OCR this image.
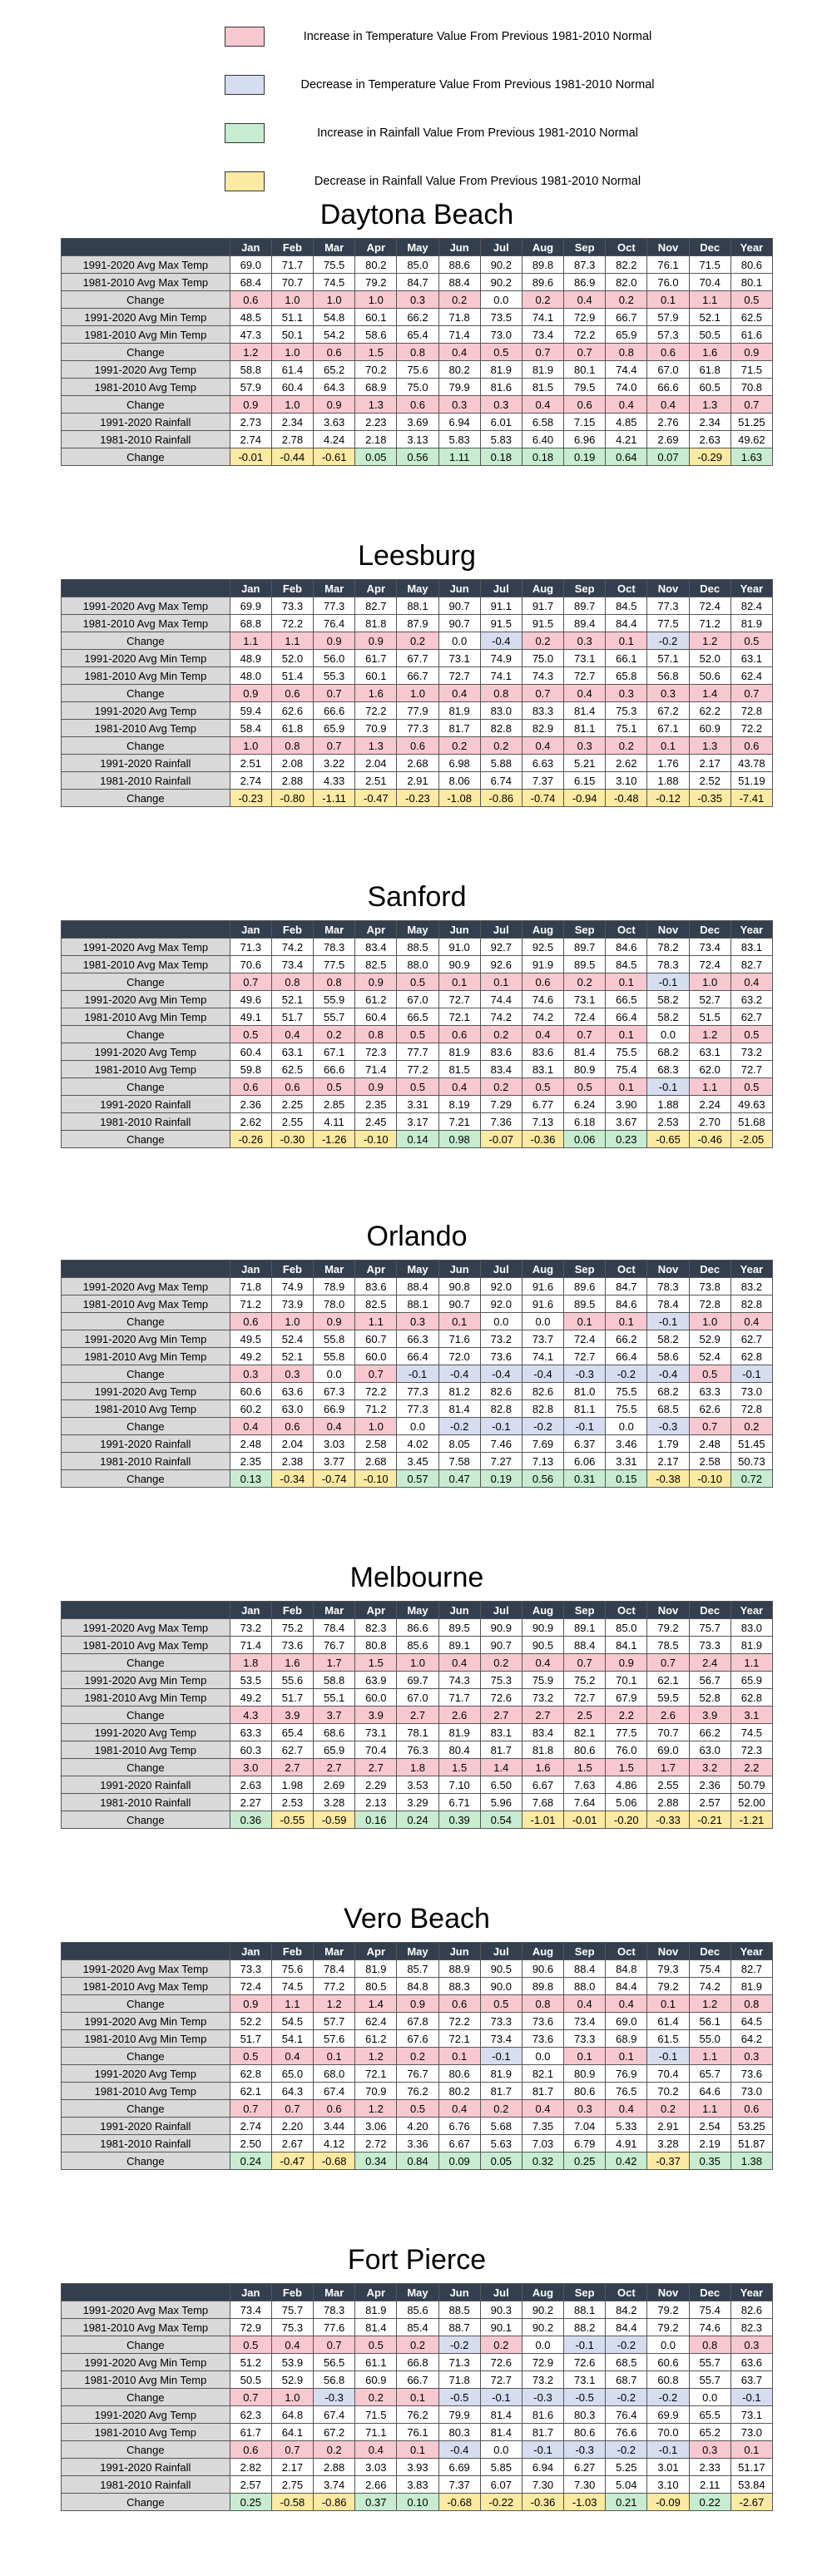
Increase in Temperature Value From Previous 1981-2010 Normal
Decrease in Temperature Value From Previous 1981-2010 Normal
Increase in Rainfall Value From Previous 1981-2010 Normal
Decrease in Rainfall Value From Previous 1981-2010 Normal
Daytona Beach
	Jan	Feb	Mar	Apr	May	Jun	Jul	Aug	Sep	Oct	Nov	Dec	Year
1991-2020 Avg Max Temp	69.0	71.7	75.5	80.2	85.0	88.6	90.2	89.8	87.3	82.2	76.1	71.5	80.6
1981-2010 Avg Max Temp	68.4	70.7	74.5	79.2	84.7	88.4	90.2	89.6	86.9	82.0	76.0	70.4	80.1
Change	0.6	1.0	1.0	1.0	0.3	0.2	0.0	0.2	0.4	0.2	0.1	1.1	0.5
1991-2020 Avg Min Temp	48.5	51.1	54.8	60.1	66.2	71.8	73.5	74.1	72.9	66.7	57.9	52.1	62.5
1981-2010 Avg Min Temp	47.3	50.1	54.2	58.6	65.4	71.4	73.0	73.4	72.2	65.9	57.3	50.5	61.6
Change	1.2	1.0	0.6	1.5	0.8	0.4	0.5	0.7	0.7	0.8	0.6	1.6	0.9
1991-2020 Avg Temp	58.8	61.4	65.2	70.2	75.6	80.2	81.9	81.9	80.1	74.4	67.0	61.8	71.5
1981-2010 Avg Temp	57.9	60.4	64.3	68.9	75.0	79.9	81.6	81.5	79.5	74.0	66.6	60.5	70.8
Change	0.9	1.0	0.9	1.3	0.6	0.3	0.3	0.4	0.6	0.4	0.4	1.3	0.7
1991-2020 Rainfall	2.73	2.34	3.63	2.23	3.69	6.94	6.01	6.58	7.15	4.85	2.76	2.34	51.25
1981-2010 Rainfall	2.74	2.78	4.24	2.18	3.13	5.83	5.83	6.40	6.96	4.21	2.69	2.63	49.62
Change	-0.01	-0.44	-0.61	0.05	0.56	1.11	0.18	0.18	0.19	0.64	0.07	-0.29	1.63
Leesburg
	Jan	Feb	Mar	Apr	May	Jun	Jul	Aug	Sep	Oct	Nov	Dec	Year
1991-2020 Avg Max Temp	69.9	73.3	77.3	82.7	88.1	90.7	91.1	91.7	89.7	84.5	77.3	72.4	82.4
1981-2010 Avg Max Temp	68.8	72.2	76.4	81.8	87.9	90.7	91.5	91.5	89.4	84.4	77.5	71.2	81.9
Change	1.1	1.1	0.9	0.9	0.2	0.0	-0.4	0.2	0.3	0.1	-0.2	1.2	0.5
1991-2020 Avg Min Temp	48.9	52.0	56.0	61.7	67.7	73.1	74.9	75.0	73.1	66.1	57.1	52.0	63.1
1981-2010 Avg Min Temp	48.0	51.4	55.3	60.1	66.7	72.7	74.1	74.3	72.7	65.8	56.8	50.6	62.4
Change	0.9	0.6	0.7	1.6	1.0	0.4	0.8	0.7	0.4	0.3	0.3	1.4	0.7
1991-2020 Avg Temp	59.4	62.6	66.6	72.2	77.9	81.9	83.0	83.3	81.4	75.3	67.2	62.2	72.8
1981-2010 Avg Temp	58.4	61.8	65.9	70.9	77.3	81.7	82.8	82.9	81.1	75.1	67.1	60.9	72.2
Change	1.0	0.8	0.7	1.3	0.6	0.2	0.2	0.4	0.3	0.2	0.1	1.3	0.6
1991-2020 Rainfall	2.51	2.08	3.22	2.04	2.68	6.98	5.88	6.63	5.21	2.62	1.76	2.17	43.78
1981-2010 Rainfall	2.74	2.88	4.33	2.51	2.91	8.06	6.74	7.37	6.15	3.10	1.88	2.52	51.19
Change	-0.23	-0.80	-1.11	-0.47	-0.23	-1.08	-0.86	-0.74	-0.94	-0.48	-0.12	-0.35	-7.41
Sanford
	Jan	Feb	Mar	Apr	May	Jun	Jul	Aug	Sep	Oct	Nov	Dec	Year
1991-2020 Avg Max Temp	71.3	74.2	78.3	83.4	88.5	91.0	92.7	92.5	89.7	84.6	78.2	73.4	83.1
1981-2010 Avg Max Temp	70.6	73.4	77.5	82.5	88.0	90.9	92.6	91.9	89.5	84.5	78.3	72.4	82.7
Change	0.7	0.8	0.8	0.9	0.5	0.1	0.1	0.6	0.2	0.1	-0.1	1.0	0.4
1991-2020 Avg Min Temp	49.6	52.1	55.9	61.2	67.0	72.7	74.4	74.6	73.1	66.5	58.2	52.7	63.2
1981-2010 Avg Min Temp	49.1	51.7	55.7	60.4	66.5	72.1	74.2	74.2	72.4	66.4	58.2	51.5	62.7
Change	0.5	0.4	0.2	0.8	0.5	0.6	0.2	0.4	0.7	0.1	0.0	1.2	0.5
1991-2020 Avg Temp	60.4	63.1	67.1	72.3	77.7	81.9	83.6	83.6	81.4	75.5	68.2	63.1	73.2
1981-2010 Avg Temp	59.8	62.5	66.6	71.4	77.2	81.5	83.4	83.1	80.9	75.4	68.3	62.0	72.7
Change	0.6	0.6	0.5	0.9	0.5	0.4	0.2	0.5	0.5	0.1	-0.1	1.1	0.5
1991-2020 Rainfall	2.36	2.25	2.85	2.35	3.31	8.19	7.29	6.77	6.24	3.90	1.88	2.24	49.63
1981-2010 Rainfall	2.62	2.55	4.11	2.45	3.17	7.21	7.36	7.13	6.18	3.67	2.53	2.70	51.68
Change	-0.26	-0.30	-1.26	-0.10	0.14	0.98	-0.07	-0.36	0.06	0.23	-0.65	-0.46	-2.05
Orlando
	Jan	Feb	Mar	Apr	May	Jun	Jul	Aug	Sep	Oct	Nov	Dec	Year
1991-2020 Avg Max Temp	71.8	74.9	78.9	83.6	88.4	90.8	92.0	91.6	89.6	84.7	78.3	73.8	83.2
1981-2010 Avg Max Temp	71.2	73.9	78.0	82.5	88.1	90.7	92.0	91.6	89.5	84.6	78.4	72.8	82.8
Change	0.6	1.0	0.9	1.1	0.3	0.1	0.0	0.0	0.1	0.1	-0.1	1.0	0.4
1991-2020 Avg Min Temp	49.5	52.4	55.8	60.7	66.3	71.6	73.2	73.7	72.4	66.2	58.2	52.9	62.7
1981-2010 Avg Min Temp	49.2	52.1	55.8	60.0	66.4	72.0	73.6	74.1	72.7	66.4	58.6	52.4	62.8
Change	0.3	0.3	0.0	0.7	-0.1	-0.4	-0.4	-0.4	-0.3	-0.2	-0.4	0.5	-0.1
1991-2020 Avg Temp	60.6	63.6	67.3	72.2	77.3	81.2	82.6	82.6	81.0	75.5	68.2	63.3	73.0
1981-2010 Avg Temp	60.2	63.0	66.9	71.2	77.3	81.4	82.8	82.8	81.1	75.5	68.5	62.6	72.8
Change	0.4	0.6	0.4	1.0	0.0	-0.2	-0.1	-0.2	-0.1	0.0	-0.3	0.7	0.2
1991-2020 Rainfall	2.48	2.04	3.03	2.58	4.02	8.05	7.46	7.69	6.37	3.46	1.79	2.48	51.45
1981-2010 Rainfall	2.35	2.38	3.77	2.68	3.45	7.58	7.27	7.13	6.06	3.31	2.17	2.58	50.73
Change	0.13	-0.34	-0.74	-0.10	0.57	0.47	0.19	0.56	0.31	0.15	-0.38	-0.10	0.72
Melbourne
	Jan	Feb	Mar	Apr	May	Jun	Jul	Aug	Sep	Oct	Nov	Dec	Year
1991-2020 Avg Max Temp	73.2	75.2	78.4	82.3	86.6	89.5	90.9	90.9	89.1	85.0	79.2	75.7	83.0
1981-2010 Avg Max Temp	71.4	73.6	76.7	80.8	85.6	89.1	90.7	90.5	88.4	84.1	78.5	73.3	81.9
Change	1.8	1.6	1.7	1.5	1.0	0.4	0.2	0.4	0.7	0.9	0.7	2.4	1.1
1991-2020 Avg Min Temp	53.5	55.6	58.8	63.9	69.7	74.3	75.3	75.9	75.2	70.1	62.1	56.7	65.9
1981-2010 Avg Min Temp	49.2	51.7	55.1	60.0	67.0	71.7	72.6	73.2	72.7	67.9	59.5	52.8	62.8
Change	4.3	3.9	3.7	3.9	2.7	2.6	2.7	2.7	2.5	2.2	2.6	3.9	3.1
1991-2020 Avg Temp	63.3	65.4	68.6	73.1	78.1	81.9	83.1	83.4	82.1	77.5	70.7	66.2	74.5
1981-2010 Avg Temp	60.3	62.7	65.9	70.4	76.3	80.4	81.7	81.8	80.6	76.0	69.0	63.0	72.3
Change	3.0	2.7	2.7	2.7	1.8	1.5	1.4	1.6	1.5	1.5	1.7	3.2	2.2
1991-2020 Rainfall	2.63	1.98	2.69	2.29	3.53	7.10	6.50	6.67	7.63	4.86	2.55	2.36	50.79
1981-2010 Rainfall	2.27	2.53	3.28	2.13	3.29	6.71	5.96	7.68	7.64	5.06	2.88	2.57	52.00
Change	0.36	-0.55	-0.59	0.16	0.24	0.39	0.54	-1.01	-0.01	-0.20	-0.33	-0.21	-1.21
Vero Beach
	Jan	Feb	Mar	Apr	May	Jun	Jul	Aug	Sep	Oct	Nov	Dec	Year
1991-2020 Avg Max Temp	73.3	75.6	78.4	81.9	85.7	88.9	90.5	90.6	88.4	84.8	79.3	75.4	82.7
1981-2010 Avg Max Temp	72.4	74.5	77.2	80.5	84.8	88.3	90.0	89.8	88.0	84.4	79.2	74.2	81.9
Change	0.9	1.1	1.2	1.4	0.9	0.6	0.5	0.8	0.4	0.4	0.1	1.2	0.8
1991-2020 Avg Min Temp	52.2	54.5	57.7	62.4	67.8	72.2	73.3	73.6	73.4	69.0	61.4	56.1	64.5
1981-2010 Avg Min Temp	51.7	54.1	57.6	61.2	67.6	72.1	73.4	73.6	73.3	68.9	61.5	55.0	64.2
Change	0.5	0.4	0.1	1.2	0.2	0.1	-0.1	0.0	0.1	0.1	-0.1	1.1	0.3
1991-2020 Avg Temp	62.8	65.0	68.0	72.1	76.7	80.6	81.9	82.1	80.9	76.9	70.4	65.7	73.6
1981-2010 Avg Temp	62.1	64.3	67.4	70.9	76.2	80.2	81.7	81.7	80.6	76.5	70.2	64.6	73.0
Change	0.7	0.7	0.6	1.2	0.5	0.4	0.2	0.4	0.3	0.4	0.2	1.1	0.6
1991-2020 Rainfall	2.74	2.20	3.44	3.06	4.20	6.76	5.68	7.35	7.04	5.33	2.91	2.54	53.25
1981-2010 Rainfall	2.50	2.67	4.12	2.72	3.36	6.67	5.63	7.03	6.79	4.91	3.28	2.19	51.87
Change	0.24	-0.47	-0.68	0.34	0.84	0.09	0.05	0.32	0.25	0.42	-0.37	0.35	1.38
Fort Pierce
	Jan	Feb	Mar	Apr	May	Jun	Jul	Aug	Sep	Oct	Nov	Dec	Year
1991-2020 Avg Max Temp	73.4	75.7	78.3	81.9	85.6	88.5	90.3	90.2	88.1	84.2	79.2	75.4	82.6
1981-2010 Avg Max Temp	72.9	75.3	77.6	81.4	85.4	88.7	90.1	90.2	88.2	84.4	79.2	74.6	82.3
Change	0.5	0.4	0.7	0.5	0.2	-0.2	0.2	0.0	-0.1	-0.2	0.0	0.8	0.3
1991-2020 Avg Min Temp	51.2	53.9	56.5	61.1	66.8	71.3	72.6	72.9	72.6	68.5	60.6	55.7	63.6
1981-2010 Avg Min Temp	50.5	52.9	56.8	60.9	66.7	71.8	72.7	73.2	73.1	68.7	60.8	55.7	63.7
Change	0.7	1.0	-0.3	0.2	0.1	-0.5	-0.1	-0.3	-0.5	-0.2	-0.2	0.0	-0.1
1991-2020 Avg Temp	62.3	64.8	67.4	71.5	76.2	79.9	81.4	81.6	80.3	76.4	69.9	65.5	73.1
1981-2010 Avg Temp	61.7	64.1	67.2	71.1	76.1	80.3	81.4	81.7	80.6	76.6	70.0	65.2	73.0
Change	0.6	0.7	0.2	0.4	0.1	-0.4	0.0	-0.1	-0.3	-0.2	-0.1	0.3	0.1
1991-2020 Rainfall	2.82	2.17	2.88	3.03	3.93	6.69	5.85	6.94	6.27	5.25	3.01	2.33	51.17
1981-2010 Rainfall	2.57	2.75	3.74	2.66	3.83	7.37	6.07	7.30	7.30	5.04	3.10	2.11	53.84
Change	0.25	-0.58	-0.86	0.37	0.10	-0.68	-0.22	-0.36	-1.03	0.21	-0.09	0.22	-2.67
